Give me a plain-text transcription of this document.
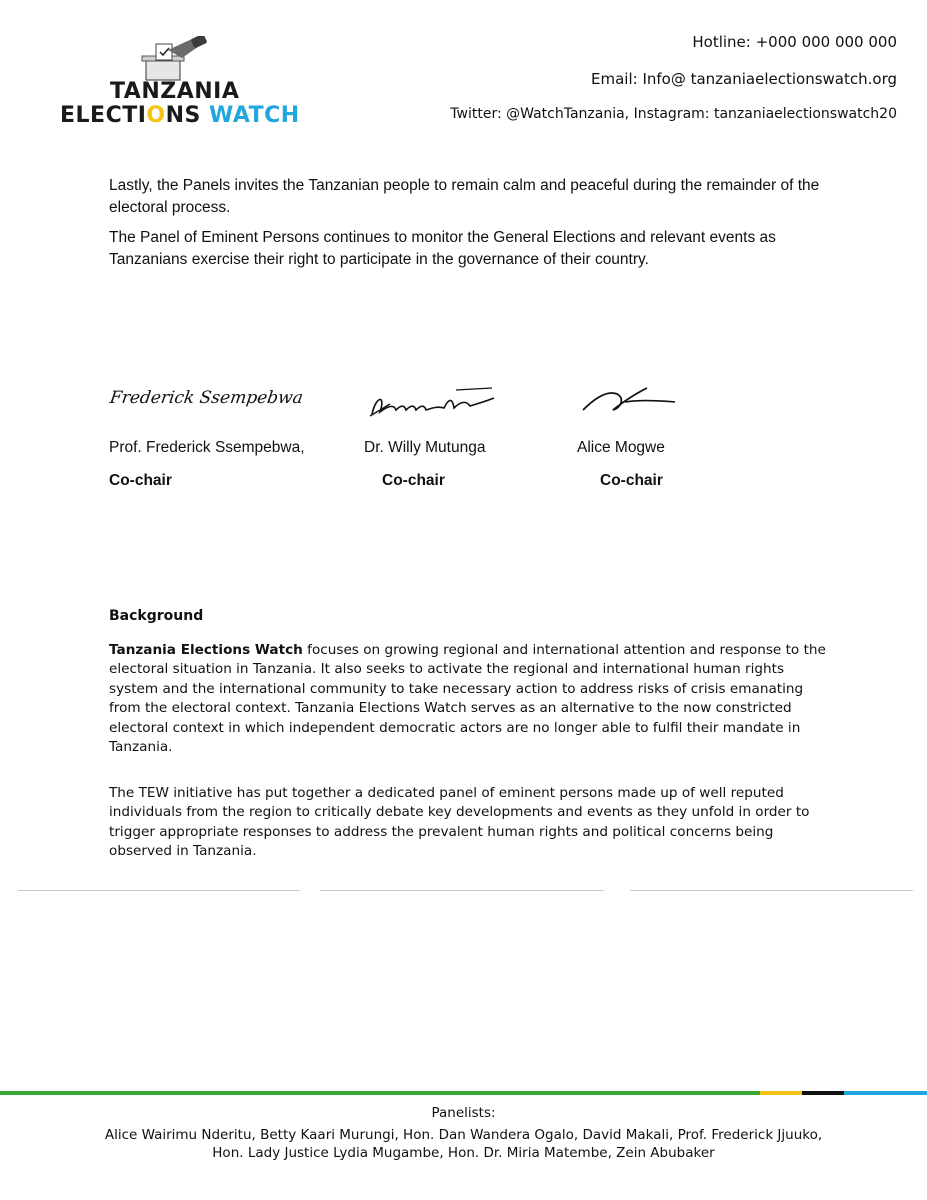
TANZANIA
ELECTIONS WATCH
Hotline: +000 000 000 000
Email: Info@ tanzaniaelectionswatch.org
Twitter: @WatchTanzania, Instagram: tanzaniaelectionswatch20
Lastly, the Panels invites the Tanzanian people to remain calm and peaceful during the remainder of the electoral process.
The Panel of Eminent Persons continues to monitor the General Elections and relevant events as Tanzanians exercise their right to participate in the governance of their country.
Frederick Ssempebwa
Prof. Frederick Ssempebwa,	Dr. Willy Mutunga	Alice Mogwe
Co-chair	Co-chair	Co-chair
Background
Tanzania Elections Watch focuses on growing regional and international attention and response to the electoral situation in Tanzania. It also seeks to activate the regional and international human rights system and the international community to take necessary action to address risks of crisis emanating from the electoral context. Tanzania Elections Watch serves as an alternative to the now constricted electoral context in which independent democratic actors are no longer able to fulfil their mandate in Tanzania.
The TEW initiative has put together a dedicated panel of eminent persons made up of well reputed individuals from the region to critically debate key developments and events as they unfold in order to trigger appropriate responses to address the prevalent human rights and political concerns being observed in Tanzania.
Panelists:
Alice Wairimu Nderitu, Betty Kaari Murungi, Hon. Dan Wandera Ogalo, David Makali, Prof. Frederick Jjuuko,
Hon. Lady Justice Lydia Mugambe, Hon. Dr. Miria Matembe, Zein Abubaker
